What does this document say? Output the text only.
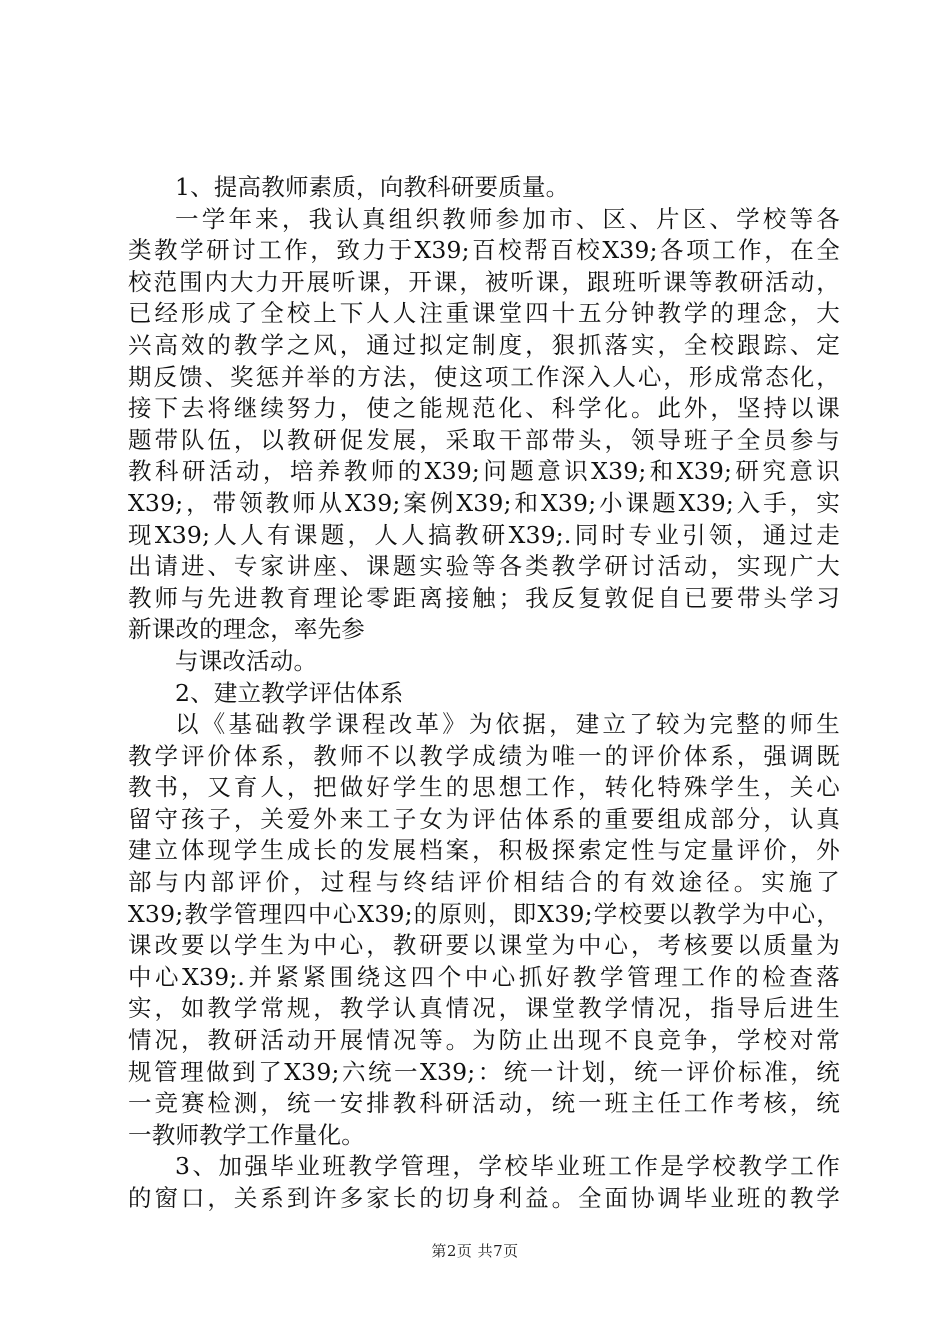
1、提高教师素质，向教科研要质量。
一学年来，我认真组织教师参加市、区、片区、学校等各
类教学研讨工作，致力于X39;百校帮百校X39;各项工作，在全
校范围内大力开展听课，开课，被听课，跟班听课等教研活动，
已经形成了全校上下人人注重课堂四十五分钟教学的理念，大
兴高效的教学之风，通过拟定制度，狠抓落实，全校跟踪、定
期反馈、奖惩并举的方法，使这项工作深入人心，形成常态化，
接下去将继续努力，使之能规范化、科学化。此外，坚持以课
题带队伍，以教研促发展，采取干部带头，领导班子全员参与
教科研活动，培养教师的X39;问题意识X39;和X39;研究意识
X39;，带领教师从X39;案例X39;和X39;小课题X39;入手，实
现X39;人人有课题，人人搞教研X39;.同时专业引领，通过走
出请进、专家讲座、课题实验等各类教学研讨活动，实现广大
教师与先进教育理论零距离接触；我反复敦促自已要带头学习
新课改的理念，率先参
与课改活动。
2、建立教学评估体系
以《基础教学课程改革》为依据，建立了较为完整的师生
教学评价体系，教师不以教学成绩为唯一的评价体系，强调既
教书，又育人，把做好学生的思想工作，转化特殊学生，关心
留守孩子，关爱外来工子女为评估体系的重要组成部分，认真
建立体现学生成长的发展档案，积极探索定性与定量评价，外
部与内部评价，过程与终结评价相结合的有效途径。实施了
X39;教学管理四中心X39;的原则，即X39;学校要以教学为中心，
课改要以学生为中心，教研要以课堂为中心，考核要以质量为
中心X39;.并紧紧围绕这四个中心抓好教学管理工作的检查落
实，如教学常规，教学认真情况，课堂教学情况，指导后进生
情况，教研活动开展情况等。为防止出现不良竞争，学校对常
规管理做到了X39;六统一X39;：统一计划，统一评价标准，统
一竞赛检测，统一安排教科研活动，统一班主任工作考核，统
一教师教学工作量化。
3、加强毕业班教学管理，学校毕业班工作是学校教学工作
的窗口，关系到许多家长的切身利益。全面协调毕业班的教学
第2页 共7页
